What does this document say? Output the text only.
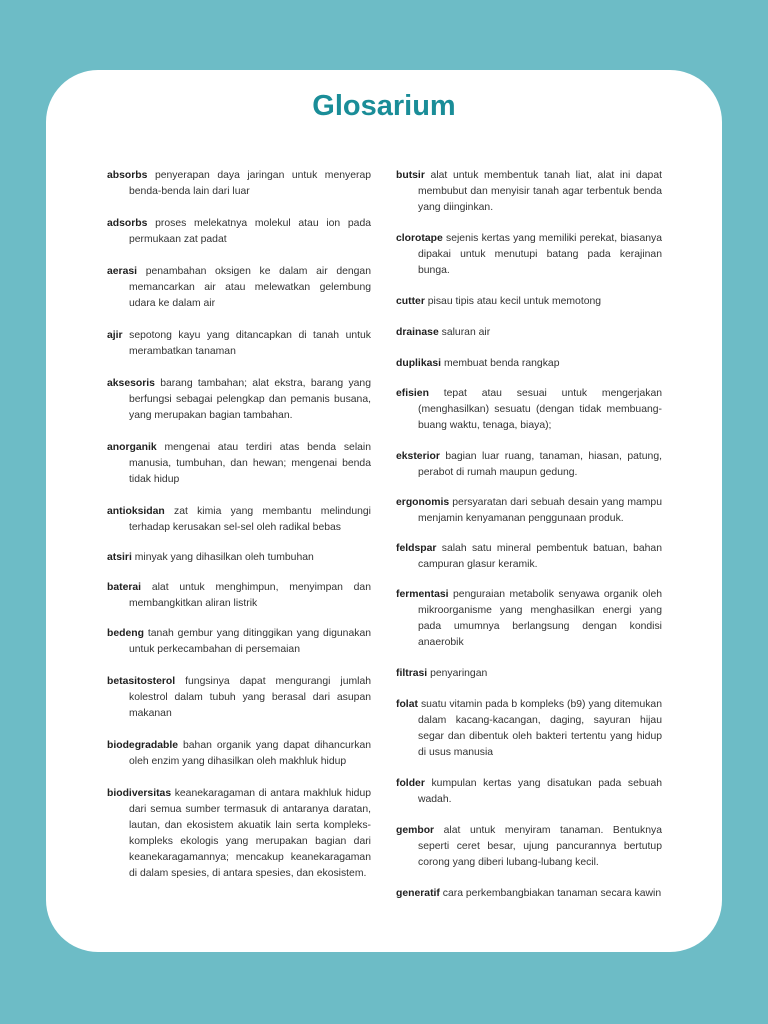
Glosarium

absorbs penyerapan daya jaringan untuk menyerap benda-benda lain dari luar

adsorbs proses melekatnya molekul atau ion pada permukaan zat padat

aerasi penambahan oksigen ke dalam air dengan memancarkan air atau melewatkan gelembung udara ke dalam air

ajir sepotong kayu yang ditancapkan di tanah untuk merambatkan tanaman

aksesoris barang tambahan; alat ekstra, barang yang berfungsi sebagai pelengkap dan pemanis busana, yang merupakan bagian tambahan.

anorganik mengenai atau terdiri atas benda selain manusia, tumbuhan, dan hewan; mengenai benda tidak hidup

antioksidan zat kimia yang membantu melindungi terhadap kerusakan sel-sel oleh radikal bebas

atsiri minyak yang dihasilkan oleh tumbuhan

baterai alat untuk menghimpun, menyimpan dan membangkitkan aliran listrik

bedeng tanah gembur yang ditinggikan yang digunakan untuk perkecambahan di persemaian

betasitosterol fungsinya dapat mengurangi jumlah kolestrol dalam tubuh yang berasal dari asupan makanan

biodegradable bahan organik yang dapat dihancurkan oleh enzim yang dihasilkan oleh makhluk hidup

biodiversitas keanekaragaman di antara makhluk hidup dari semua sumber termasuk di antaranya daratan, lautan, dan ekosistem akuatik lain serta kompleks-kompleks ekologis yang merupakan bagian dari keanekaragamannya; mencakup keanekaragaman di dalam spesies, di antara spesies, dan ekosistem.

butsir alat untuk membentuk tanah liat, alat ini dapat membubut dan menyisir tanah agar terbentuk benda yang diinginkan.

clorotape sejenis kertas yang memiliki perekat, biasanya dipakai untuk menutupi batang pada kerajinan bunga.

cutter pisau tipis atau kecil untuk memotong

drainase saluran air

duplikasi membuat benda rangkap

efisien tepat atau sesuai untuk mengerjakan (menghasilkan) sesuatu (dengan tidak membuang-buang waktu, tenaga, biaya);

eksterior bagian luar ruang, tanaman, hiasan, patung, perabot di rumah maupun gedung.

ergonomis persyaratan dari sebuah desain yang mampu menjamin kenyamanan penggunaan produk.

feldspar salah satu mineral pembentuk batuan, bahan campuran glasur keramik.

fermentasi penguraian metabolik senyawa organik oleh mikroorganisme yang menghasilkan energi yang pada umumnya berlangsung dengan kondisi anaerobik

filtrasi penyaringan

folat suatu vitamin pada b kompleks (b9) yang ditemukan dalam kacang-kacangan, daging, sayuran hijau segar dan dibentuk oleh bakteri tertentu yang hidup di usus manusia

folder kumpulan kertas yang disatukan pada sebuah wadah.

gembor alat untuk menyiram tanaman. Bentuknya seperti ceret besar, ujung pancurannya bertutup corong yang diberi lubang-lubang kecil.

generatif cara perkembangbiakan tanaman secara kawin
